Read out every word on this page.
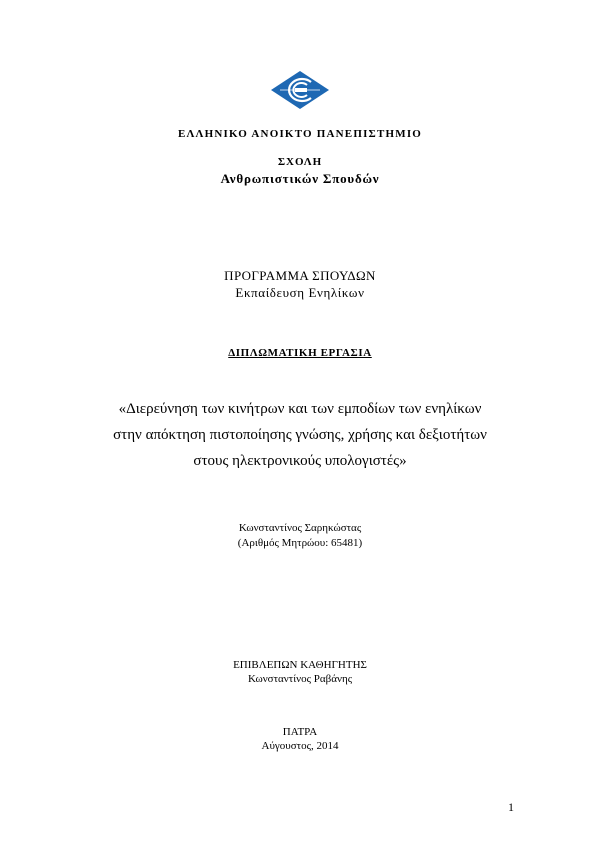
ΕΛΛΗΝΙΚΟ ΑΝΟΙΚΤΟ ΠΑΝΕΠΙΣΤΗΜΙΟ
ΣΧΟΛΗ
Ανθρωπιστικών Σπουδών
ΠΡΟΓΡΑΜΜΑ ΣΠΟΥΔΩΝ
Εκπαίδευση Ενηλίκων
ΔΙΠΛΩΜΑΤΙΚΗ ΕΡΓΑΣΙΑ
«Διερεύνηση των κινήτρων και των εμποδίων των ενηλίκων
στην απόκτηση πιστοποίησης γνώσης, χρήσης και δεξιοτήτων
στους ηλεκτρονικούς υπολογιστές»
Κωνσταντίνος Σαρηκώστας
(Αριθμός Μητρώου: 65481)
ΕΠΙΒΛΕΠΩΝ ΚΑΘΗΓΗΤΗΣ
Κωνσταντίνος Ραβάνης
ΠΑΤΡΑ
Αύγουστος, 2014
1
